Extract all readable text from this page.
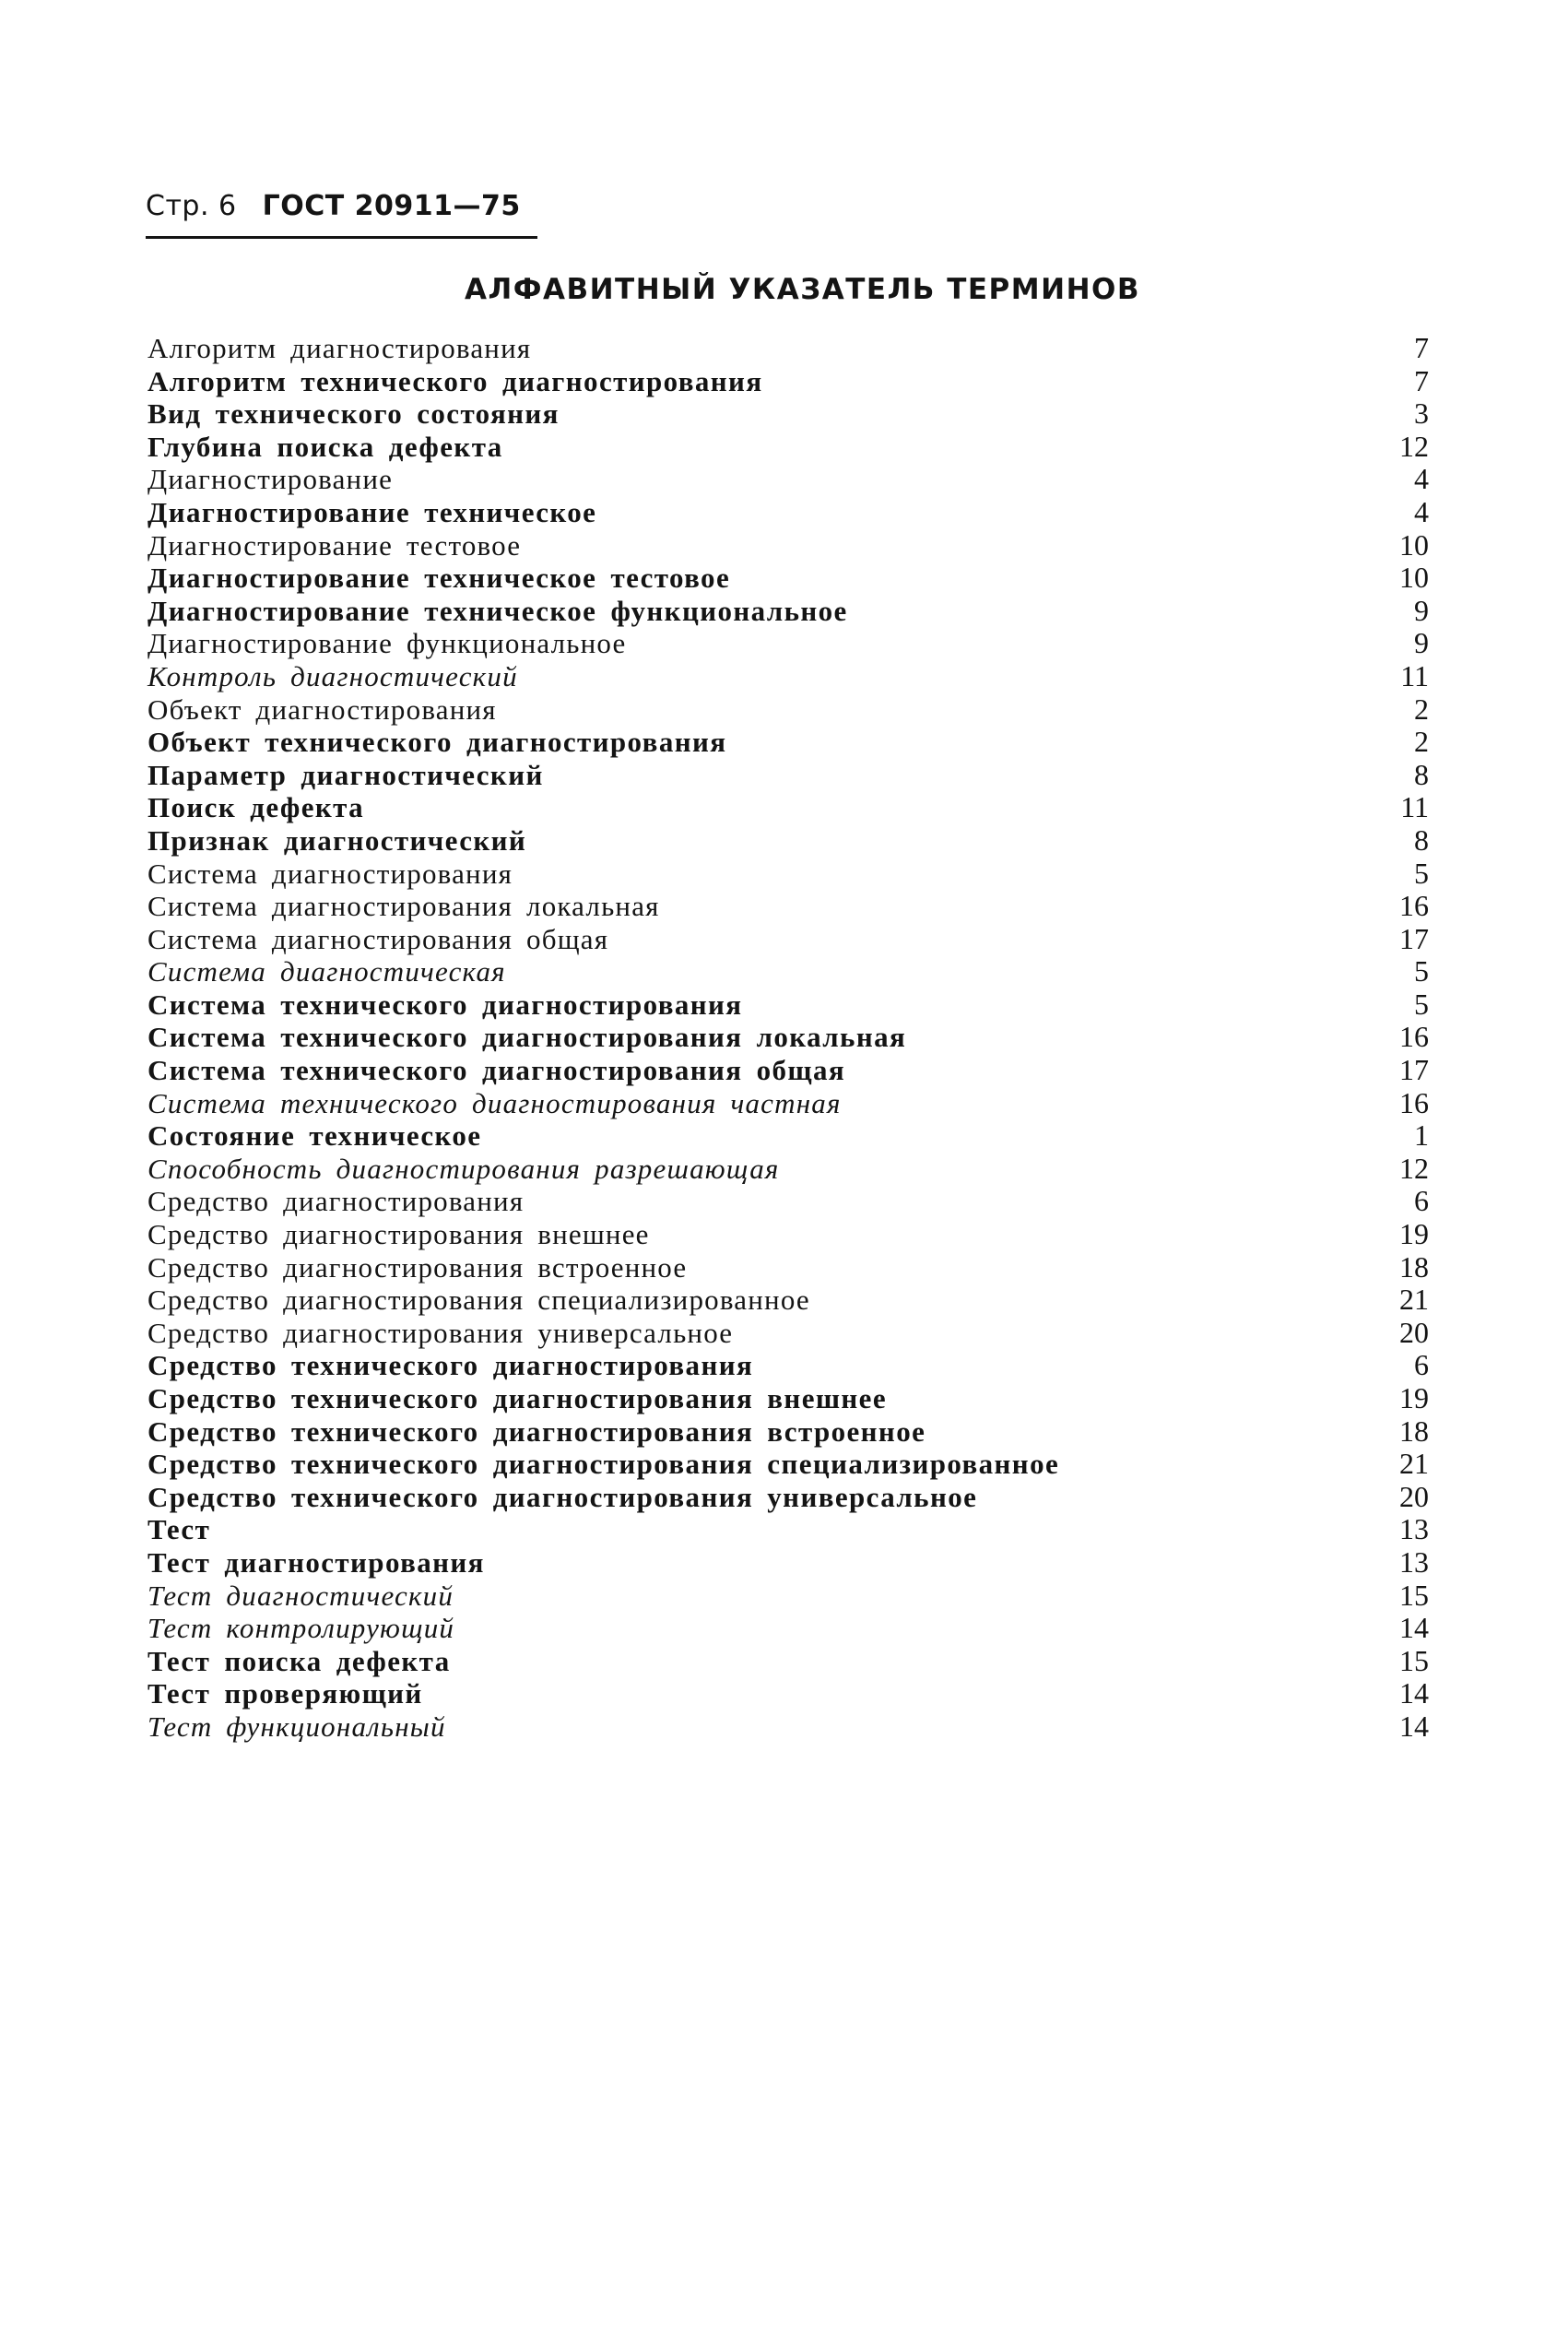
Стр. 6 ГОСТ 20911—75
АЛФАВИТНЫЙ УКАЗАТЕЛЬ ТЕРМИНОВ
Алгоритм диагностирования	7
Алгоритм технического диагностирования	7
Вид технического состояния	3
Глубина поиска дефекта	12
Диагностирование	4
Диагностирование техническое	4
Диагностирование тестовое	10
Диагностирование техническое тестовое	10
Диагностирование техническое функциональное	9
Диагностирование функциональное	9
Контроль диагностический	11
Объект диагностирования	2
Объект технического диагностирования	2
Параметр диагностический	8
Поиск дефекта	11
Признак диагностический	8
Система диагностирования	5
Система диагностирования локальная	16
Система диагностирования общая	17
Система диагностическая	5
Система технического диагностирования	5
Система технического диагностирования локальная	16
Система технического диагностирования общая	17
Система технического диагностирования частная	16
Состояние техническое	1
Способность диагностирования разрешающая	12
Средство диагностирования	6
Средство диагностирования внешнее	19
Средство диагностирования встроенное	18
Средство диагностирования специализированное	21
Средство диагностирования универсальное	20
Средство технического диагностирования	6
Средство технического диагностирования внешнее	19
Средство технического диагностирования встроенное	18
Средство технического диагностирования специализированное	21
Средство технического диагностирования универсальное	20
Тест	13
Тест диагностирования	13
Тест диагностический	15
Тест контролирующий	14
Тест поиска дефекта	15
Тест проверяющий	14
Тест функциональный	14
